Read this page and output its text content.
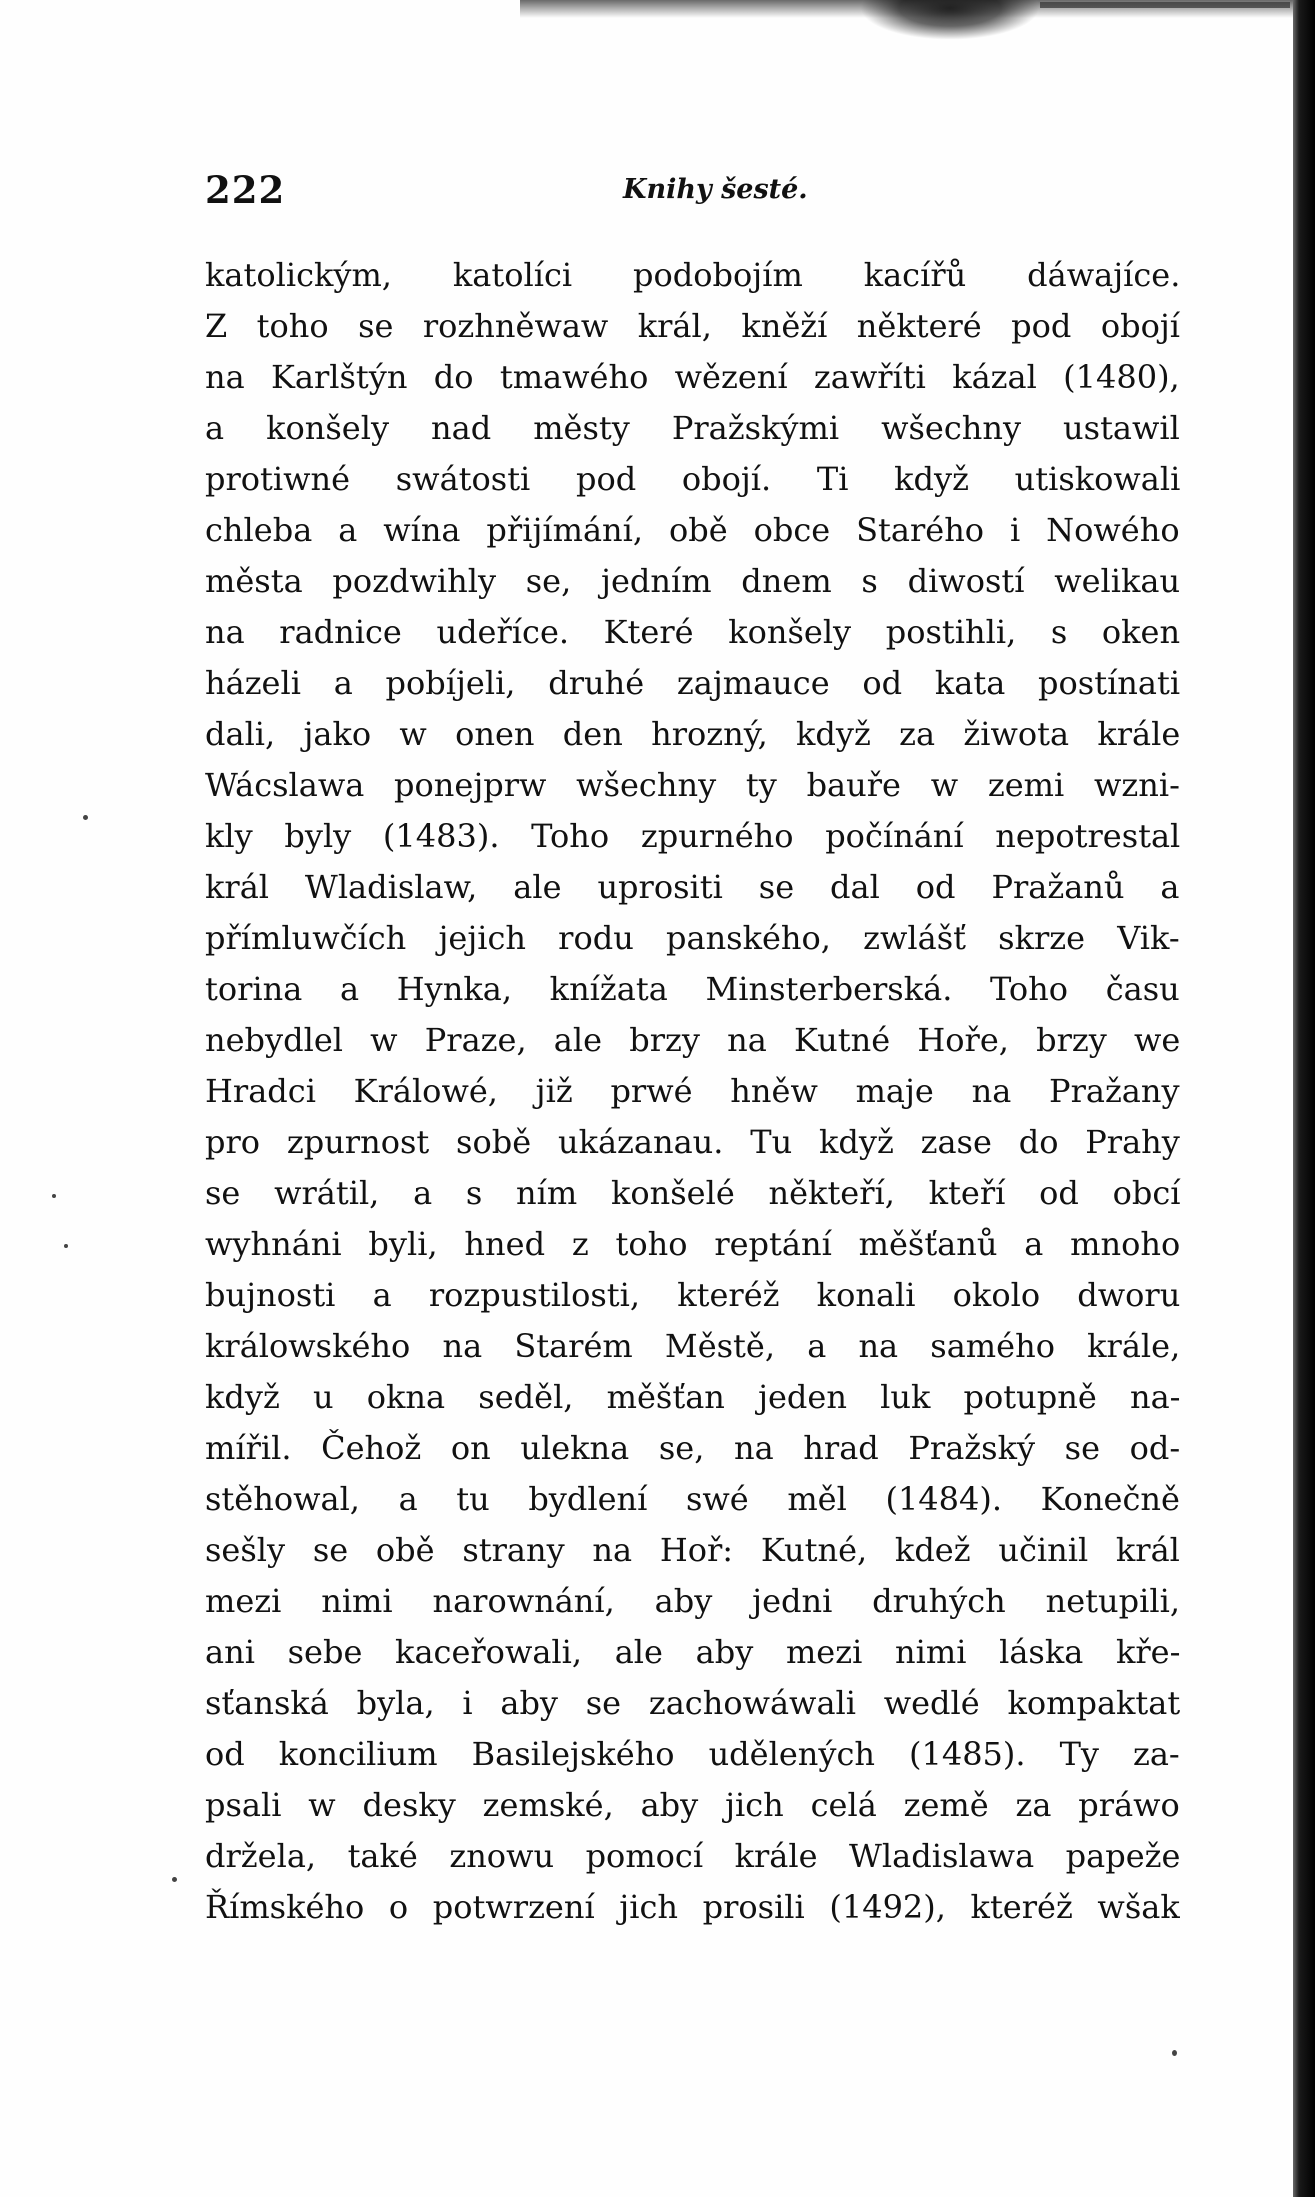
222	Knihy šesté.
katolickým, katolíci podobojím kacířů dáwajíce.
Z toho se rozhněwaw král, kněží některé pod obojí
na Karlštýn do tmawého wězení zawříti kázal (1480),
a konšely nad městy Pražskými wšechny ustawil
protiwné swátosti pod obojí. Ti když utiskowali
chleba a wína přijímání, obě obce Starého i Nowého
města pozdwihly se, jedním dnem s diwostí welikau
na radnice udeříce. Které konšely postihli, s oken
házeli a pobíjeli, druhé zajmauce od kata postínati
dali, jako w onen den hrozný, když za žiwota krále
Wácslawa ponejprw wšechny ty bauře w zemi wzni-
kly byly (1483). Toho zpurného počínání nepotrestal
král Wladislaw, ale uprositi se dal od Pražanů a
přímluwčích jejich rodu panského, zwlášť skrze Vik-
torina a Hynka, knížata Minsterberská. Toho času
nebydlel w Praze, ale brzy na Kutné Hoře, brzy we
Hradci Králowé, již prwé hněw maje na Pražany
pro zpurnost sobě ukázanau. Tu když zase do Prahy
se wrátil, a s ním konšelé někteří, kteří od obcí
wyhnáni byli, hned z toho reptání měšťanů a mnoho
bujnosti a rozpustilosti, kteréž konali okolo dworu
králowského na Starém Městě, a na samého krále,
když u okna seděl, měšťan jeden luk potupně na-
mířil. Čehož on ulekna se, na hrad Pražský se od-
stěhowal, a tu bydlení swé měl (1484). Konečně
sešly se obě strany na Hoř: Kutné, kdež učinil král
mezi nimi narownání, aby jedni druhých netupili,
ani sebe kaceřowali, ale aby mezi nimi láska kře-
sťanská byla, i aby se zachowáwali wedlé kompaktat
od koncilium Basilejského udělených (1485). Ty za-
psali w desky zemské, aby jich celá země za práwo
držela, také znowu pomocí krále Wladislawa papeže
Římského o potwrzení jich prosili (1492), kteréž wšak
